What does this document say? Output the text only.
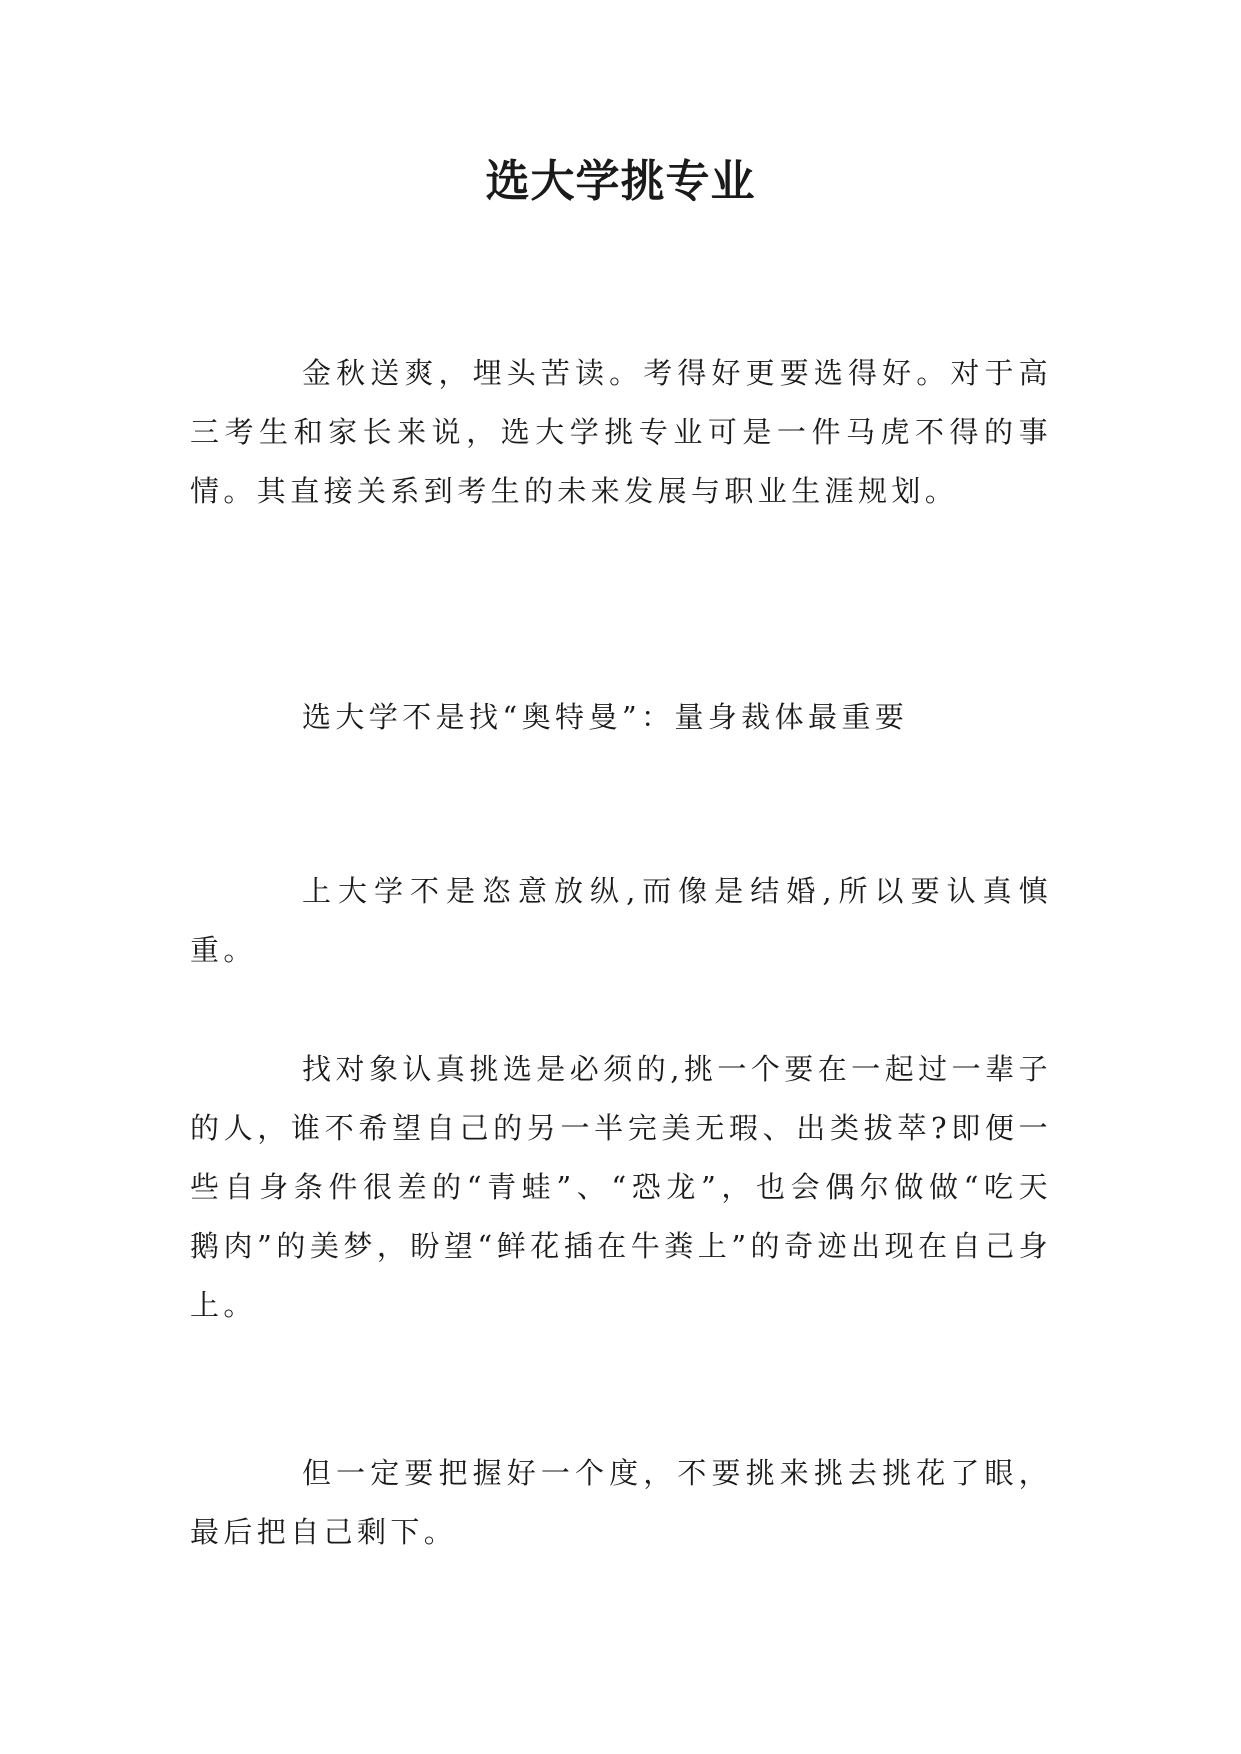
选大学挑专业

金秋送爽，埋头苦读。考得好更要选得好。对于高三考生和家长来说，选大学挑专业可是一件马虎不得的事情。其直接关系到考生的未来发展与职业生涯规划。

选大学不是找“奥特曼”：量身裁体最重要

上大学不是恣意放纵,而像是结婚,所以要认真慎重。

找对象认真挑选是必须的,挑一个要在一起过一辈子的人，谁不希望自己的另一半完美无瑕、出类拔萃?即便一些自身条件很差的“青蛙”、“恐龙”，也会偶尔做做“吃天鹅肉”的美梦，盼望“鲜花插在牛粪上”的奇迹出现在自己身上。

但一定要把握好一个度，不要挑来挑去挑花了眼，最后把自己剩下。
